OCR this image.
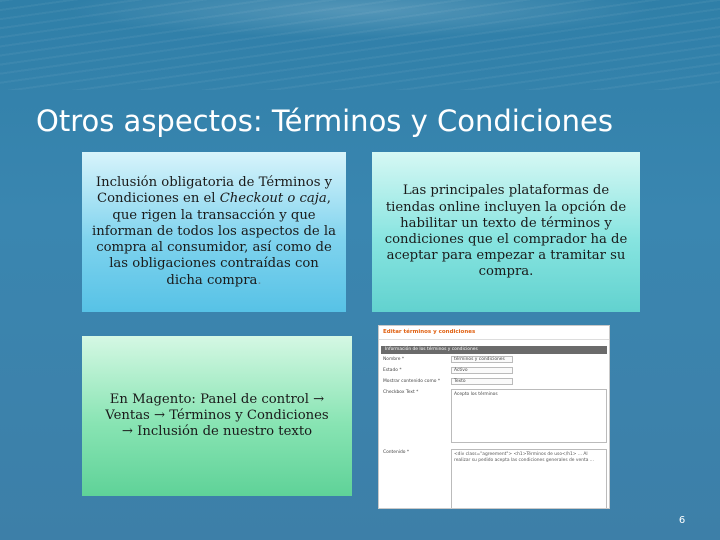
Otros aspectos: Términos y Condiciones
Inclusión obligatoria de Términos y Condiciones en el Checkout o caja, que rigen la transacción y que informan de todos los aspectos de la compra al consumidor, así como de las obligaciones contraídas con dicha compra.
Las principales plataformas de tiendas online incluyen la opción de habilitar un texto de términos y condiciones que el comprador ha de aceptar para empezar a tramitar su compra.
En Magento: Panel de control → Ventas → Términos y Condiciones
→ Inclusión de nuestro texto
Editar términos y condiciones
Información de los términos y condiciones
Nombre *	términos y condiciones
Estado *	Activo
Mostrar contenido como *	Texto
Checkbox Text *	Acepto los términos
Contenido *	<div class="agreement"> <h1>Términos de uso</h1> ... Al realizar su pedido acepta las condiciones generales de venta ...
6
